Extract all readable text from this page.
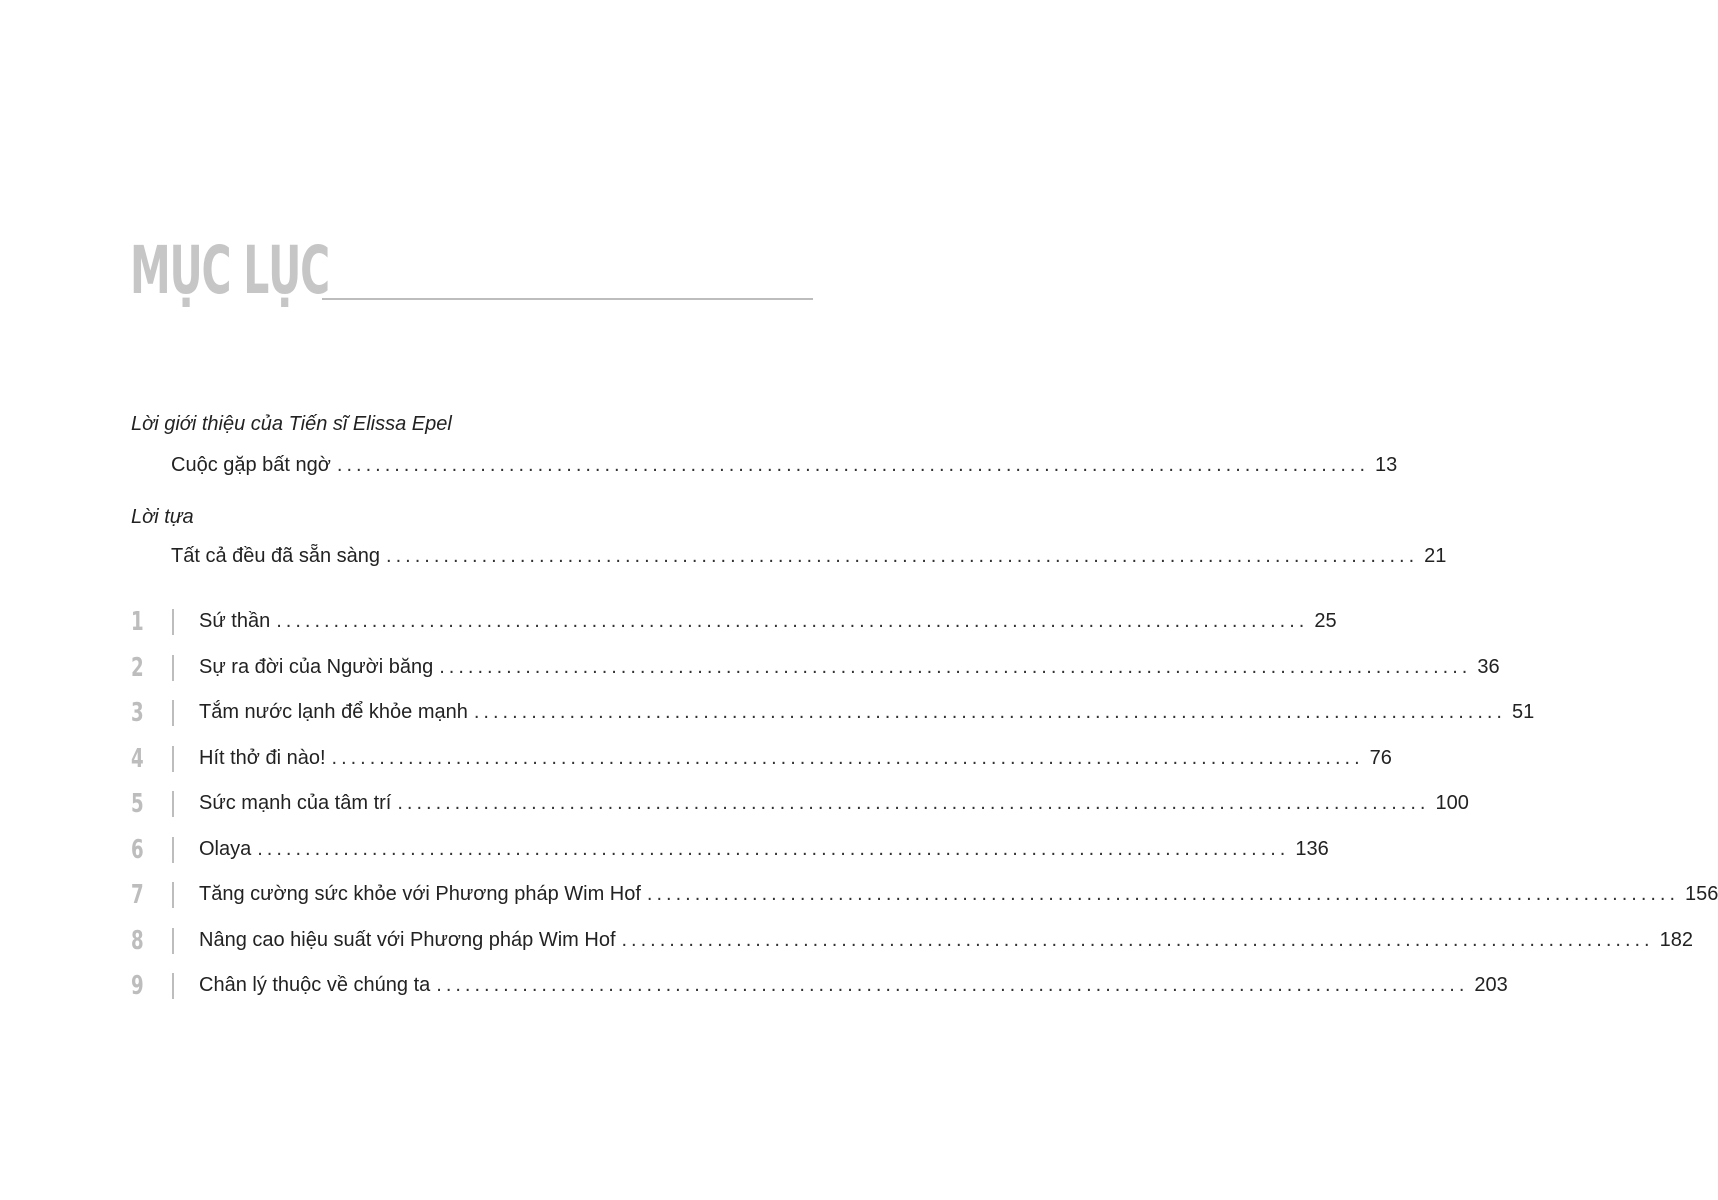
MỤC LỤC
Lời giới thiệu của Tiến sĩ Elissa Epel
Cuộc gặp bất ngờ ............................................................................................................ 13
Lời tựa
Tất cả đều đã sẵn sàng ............................................................................................................ 21
1	Sứ thần ............................................................................................................ 25
2	Sự ra đời của Người băng ............................................................................................................ 36
3	Tắm nước lạnh để khỏe mạnh ............................................................................................................ 51
4	Hít thở đi nào! ............................................................................................................ 76
5	Sức mạnh của tâm trí ............................................................................................................ 100
6	Olaya ............................................................................................................ 136
7	Tăng cường sức khỏe với Phương pháp Wim Hof ............................................................................................................ 156
8	Nâng cao hiệu suất với Phương pháp Wim Hof ............................................................................................................ 182
9	Chân lý thuộc về chúng ta ............................................................................................................ 203
